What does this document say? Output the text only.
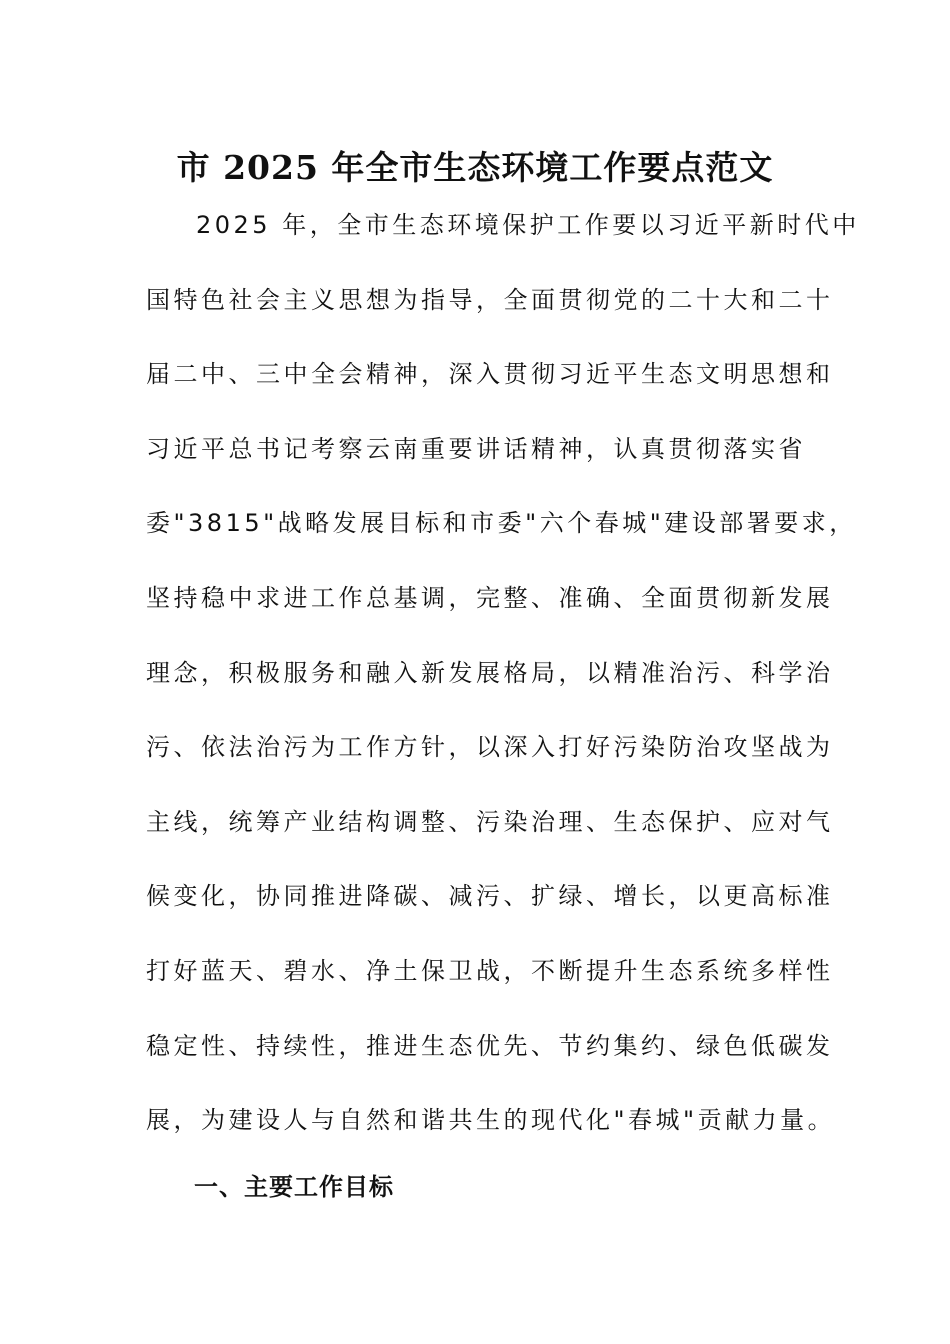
市 2025 年全市生态环境工作要点范文
2025 年，全市生态环境保护工作要以习近平新时代中
国特色社会主义思想为指导，全面贯彻党的二十大和二十
届二中、三中全会精神，深入贯彻习近平生态文明思想和
习近平总书记考察云南重要讲话精神，认真贯彻落实省
委"3815"战略发展目标和市委"六个春城"建设部署要求，
坚持稳中求进工作总基调，完整、准确、全面贯彻新发展
理念，积极服务和融入新发展格局，以精准治污、科学治
污、依法治污为工作方针，以深入打好污染防治攻坚战为
主线，统筹产业结构调整、污染治理、生态保护、应对气
候变化，协同推进降碳、减污、扩绿、增长，以更高标准
打好蓝天、碧水、净土保卫战，不断提升生态系统多样性
稳定性、持续性，推进生态优先、节约集约、绿色低碳发
展，为建设人与自然和谐共生的现代化"春城"贡献力量。
一、主要工作目标
